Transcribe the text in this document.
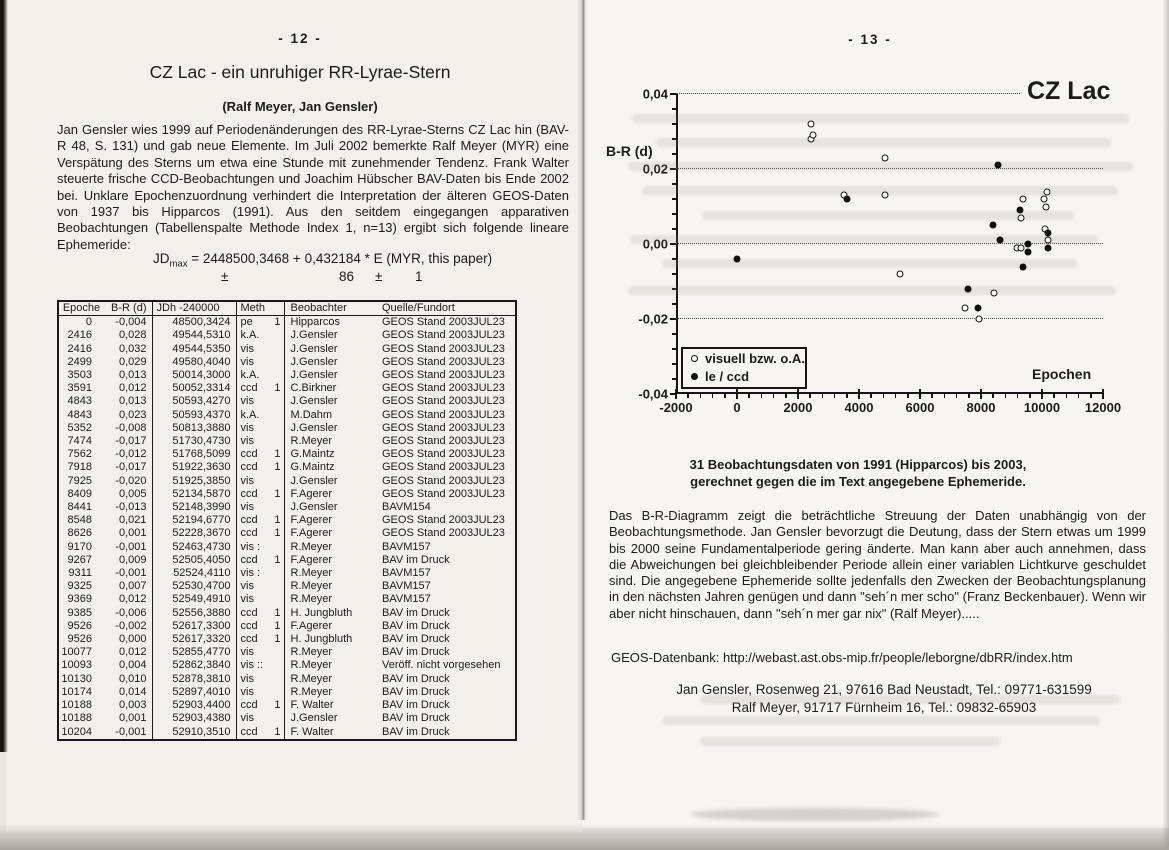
- 12 -
CZ Lac - ein unruhiger RR-Lyrae-Stern
(Ralf Meyer, Jan Gensler)

Jan Gensler wies 1999 auf Periodenänderungen des RR-Lyrae-Sterns CZ Lac hin (BAV-R 48, S. 131) und gab neue Elemente. Im Juli 2002 bemerkte Ralf Meyer (MYR) eine Verspätung des Sterns um etwa eine Stunde mit zunehmender Tendenz. Frank Walter steuerte frische CCD-Beobachtungen und Joachim Hübscher BAV-Daten bis Ende 2002 bei. Unklare Epochenzuordnung verhindert die Interpretation der älteren GEOS-Daten von 1937 bis Hipparcos (1991). Aus den seitdem eingegangen apparativen Beobachtungen (Tabellenspalte Methode Index 1, n=13) ergibt sich folgende lineare Ephemeride:

$JD_{max} = 2448500,3468 + 0,432184 * E$ (MYR, this paper)
±	86 ± 1
Epoche	B-R (d)	JDh -240000	Meth		Beobachter	Quelle/Fundort
0	-0,004	48500,3424	pe	1	Hipparcos	GEOS Stand 2003JUL23
2416	0,028	49544,5310	k.A.		J.Gensler	GEOS Stand 2003JUL23
2416	0,032	49544,5350	vis		J.Gensler	GEOS Stand 2003JUL23
2499	0,029	49580,4040	vis		J.Gensler	GEOS Stand 2003JUL23
3503	0,013	50014,3000	k.A.		J.Gensler	GEOS Stand 2003JUL23
3591	0,012	50052,3314	ccd	1	C.Birkner	GEOS Stand 2003JUL23
4843	0,013	50593,4270	vis		J.Gensler	GEOS Stand 2003JUL23
4843	0,023	50593,4370	k.A.		M.Dahm	GEOS Stand 2003JUL23
5352	-0,008	50813,3880	vis		J.Gensler	GEOS Stand 2003JUL23
7474	-0,017	51730,4730	vis		R.Meyer	GEOS Stand 2003JUL23
7562	-0,012	51768,5099	ccd	1	G.Maintz	GEOS Stand 2003JUL23
7918	-0,017	51922,3630	ccd	1	G.Maintz	GEOS Stand 2003JUL23
7925	-0,020	51925,3850	vis		J.Gensler	GEOS Stand 2003JUL23
8409	0,005	52134,5870	ccd	1	F.Agerer	GEOS Stand 2003JUL23
8441	-0,013	52148,3990	vis		J.Gensler	BAVM154
8548	0,021	52194,6770	ccd	1	F.Agerer	GEOS Stand 2003JUL23
8626	0,001	52228,3670	ccd	1	F.Agerer	GEOS Stand 2003JUL23
9170	-0,001	52463,4730	vis :		R.Meyer	BAVM157
9267	0,009	52505,4050	ccd	1	F.Agerer	BAV im Druck
9311	-0,001	52524,4110	vis :		R.Meyer	BAVM157
9325	0,007	52530,4700	vis		R.Meyer	BAVM157
9369	0,012	52549,4910	vis		R.Meyer	BAVM157
9385	-0,006	52556,3880	ccd	1	H. Jungbluth	BAV im Druck
9526	-0,002	52617,3300	ccd	1	F.Agerer	BAV im Druck
9526	0,000	52617,3320	ccd	1	H. Jungbluth	BAV im Druck
10077	0,012	52855,4770	vis		R.Meyer	BAV im Druck
10093	0,004	52862,3840	vis ::		R.Meyer	Veröff. nicht vorgesehen
10130	0,010	52878,3810	vis		R.Meyer	BAV im Druck
10174	0,014	52897,4010	vis		R.Meyer	BAV im Druck
10188	0,003	52903,4400	ccd	1	F. Walter	BAV im Druck
10188	0,001	52903,4380	vis		J.Gensler	BAV im Druck
10204	-0,001	52910,3510	ccd	1	F. Walter	BAV im Druck
- 13 -
CZ Lac
B-R (d)
Epochen
visuell bzw. o.A.
le / ccd
0,04
0,02
0,00
-0,02
-0,04
-2000	0	2000 4000 6000 8000 10000 12000
31 Beobachtungsdaten von 1991 (Hipparcos) bis 2003,
gerechnet gegen die im Text angegebene Ephemeride.

Das B-R-Diagramm zeigt die beträchtliche Streuung der Daten unabhängig von der Beobachtungsmethode. Jan Gensler bevorzugt die Deutung, dass der Stern etwas um 1999 bis 2000 seine Fundamentalperiode gering änderte. Man kann aber auch annehmen, dass die Abweichungen bei gleichbleibender Periode allein einer variablen Lichtkurve geschuldet sind. Die angegebene Ephemeride sollte jedenfalls den Zwecken der Beobachtungsplanung in den nächsten Jahren genügen und dann "seh´n mer scho" (Franz Beckenbauer). Wenn wir aber nicht hinschauen, dann "seh´n mer gar nix" (Ralf Meyer).....

GEOS-Datenbank: http://webast.ast.obs-mip.fr/people/leborgne/dbRR/index.htm
Jan Gensler, Rosenweg 21, 97616 Bad Neustadt, Tel.: 09771-631599
Ralf Meyer, 91717 Fürnheim 16, Tel.: 09832-65903
